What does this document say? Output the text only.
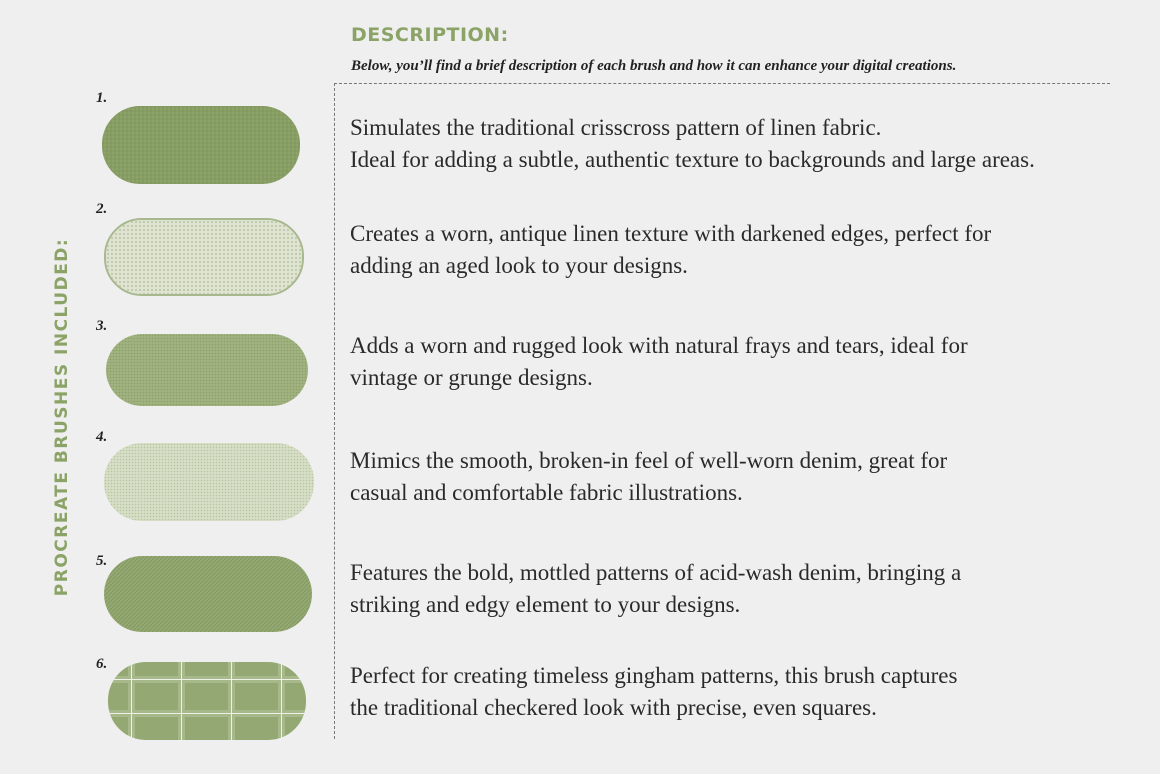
PROCREATE BRUSHES INCLUDED:
DESCRIPTION:
Below, you’ll find a brief description of each brush and how it can enhance your digital creations.
1.
Simulates the traditional crisscross pattern of linen fabric.
Ideal for adding a subtle, authentic texture to backgrounds and large areas.
2.
Creates a worn, antique linen texture with darkened edges, perfect for
adding an aged look to your designs.
3.
Adds a worn and rugged look with natural frays and tears, ideal for
vintage or grunge designs.
4.
Mimics the smooth, broken-in feel of well-worn denim, great for
casual and comfortable fabric illustrations.
5.	Features the bold, mottled patterns of acid-wash denim, bringing a
striking and edgy element to your designs.
6.	Perfect for creating timeless gingham patterns, this brush captures
the traditional checkered look with precise, even squares.
